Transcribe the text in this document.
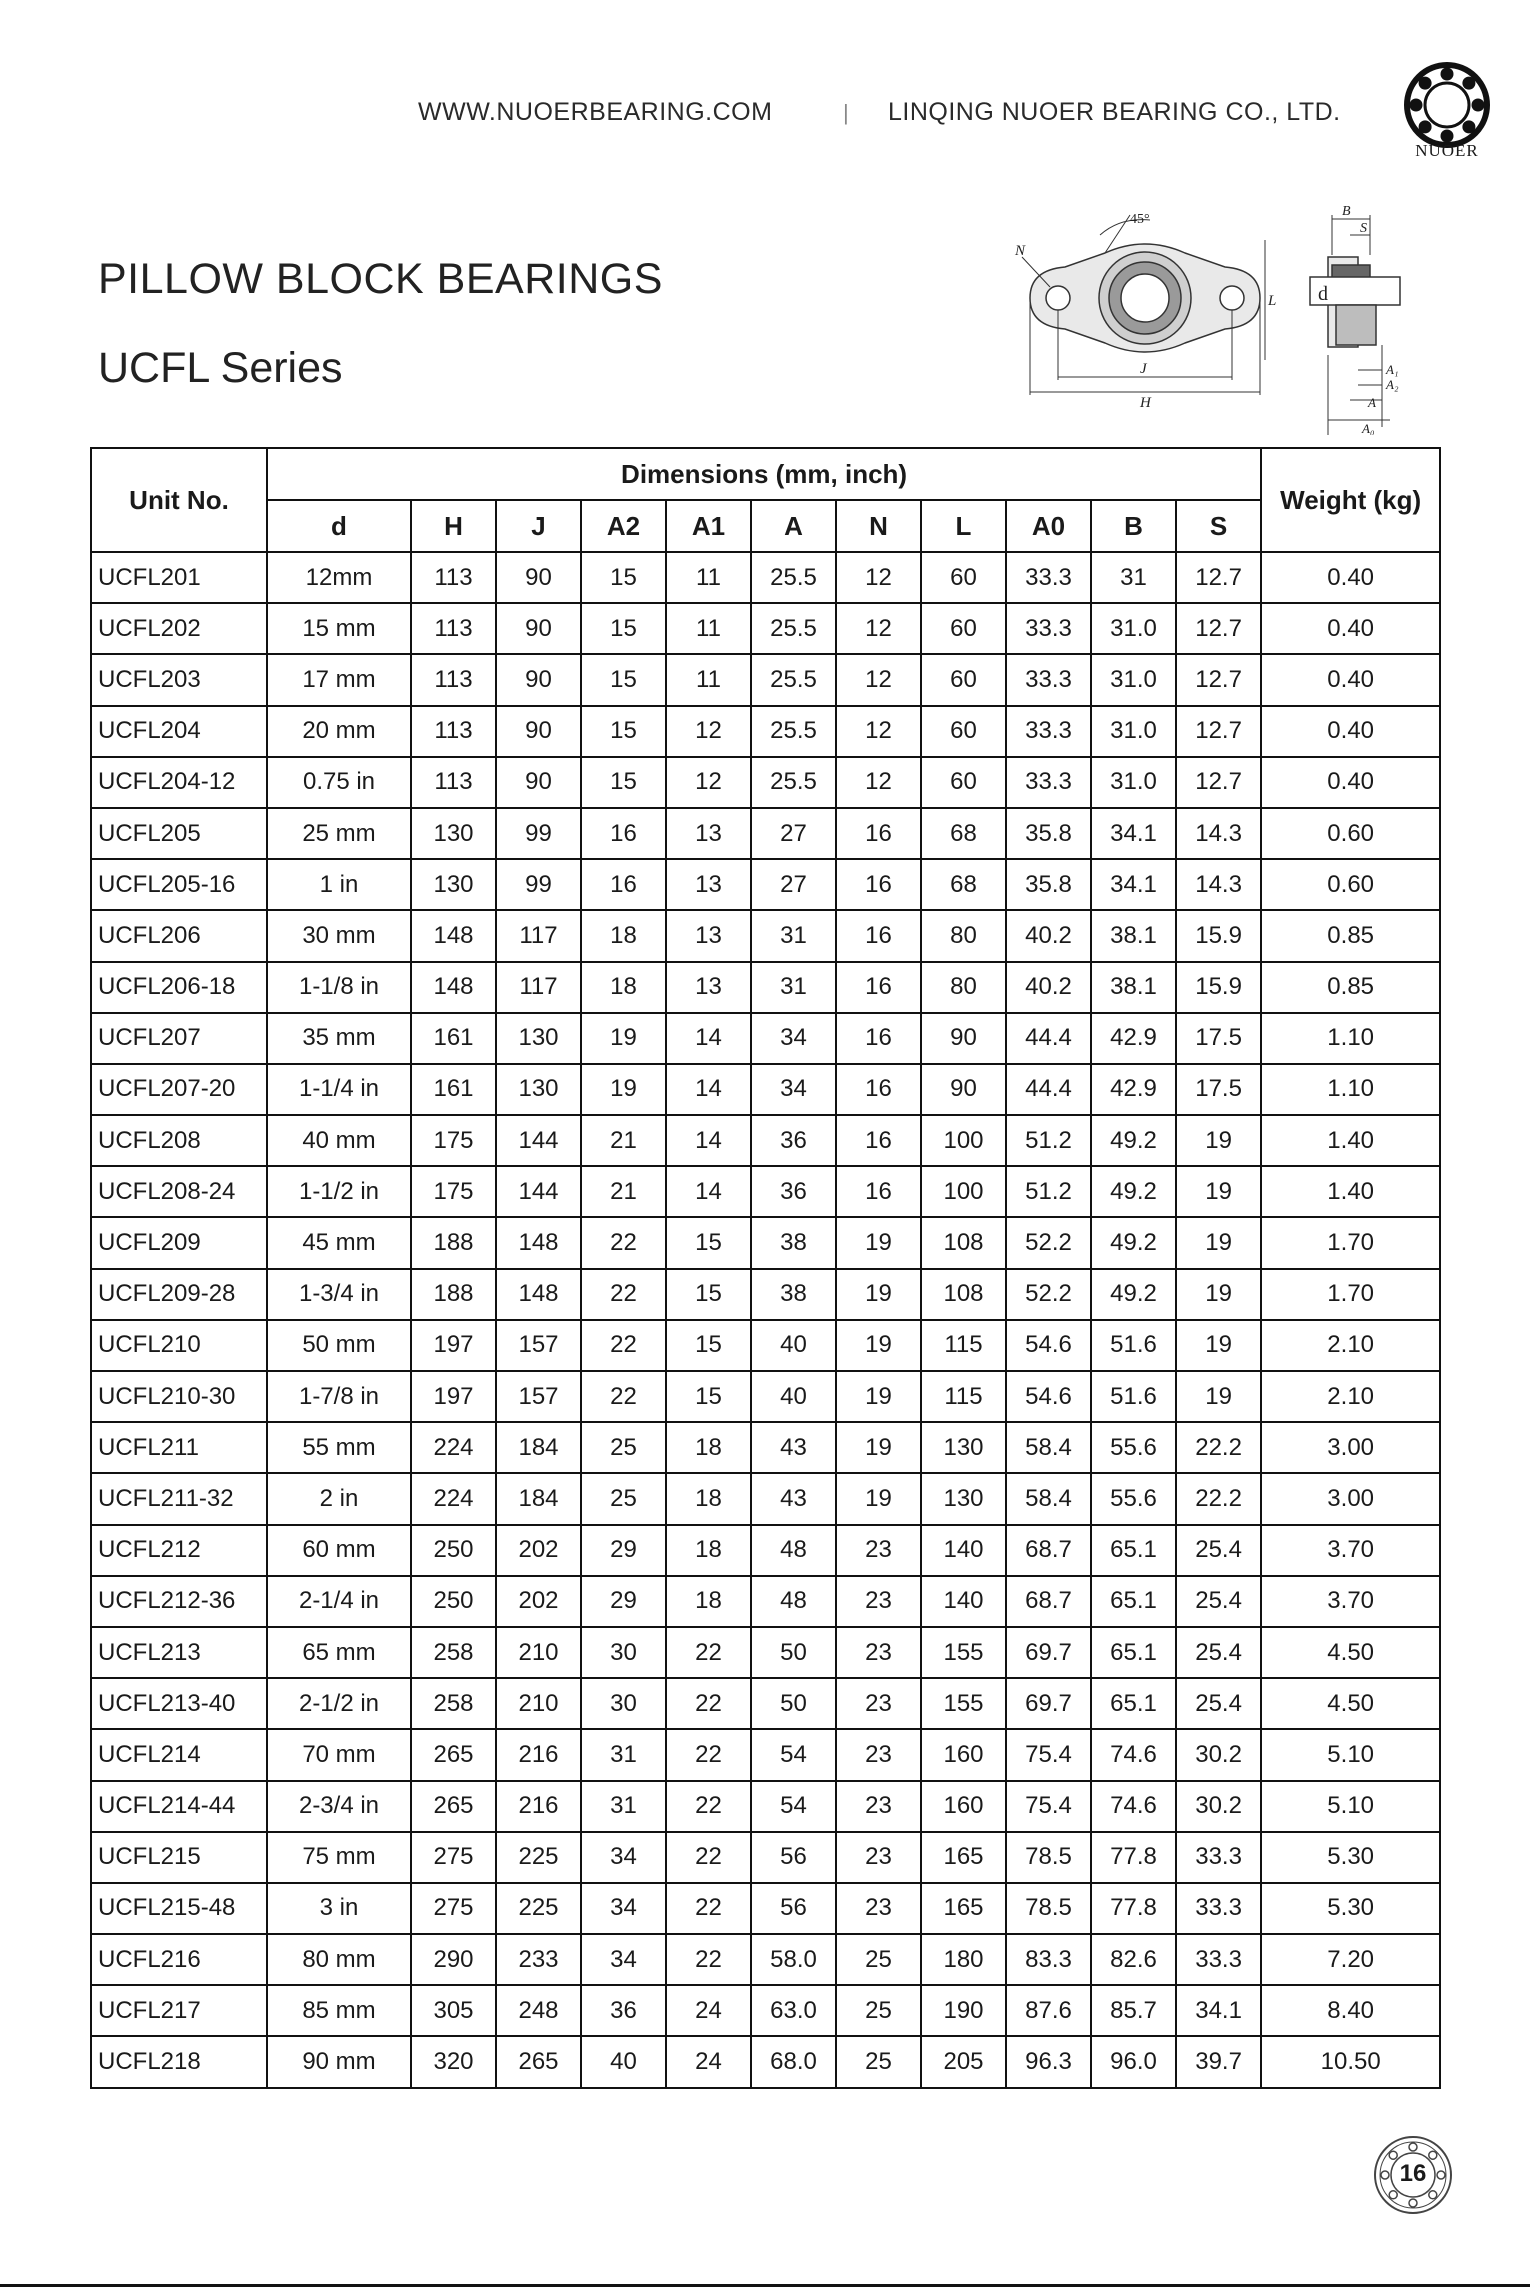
WWW.NUOERBEARING.COM	| LINQING NUOER BEARING CO., LTD.
NUOER
PILLOW BLOCK BEARINGS
UCFL Series
45°
N
L
J
H
B
S
d
A₁
A₂
A
A₀
Unit No.	Dimensions (mm, inch)											Weight (kg)
	d	H	J	A2	A1	A	N	L	A0	B	S	
UCFL201	12mm	113	90	15	11	25.5	12	60	33.3	31	12.7	0.40
UCFL202	15 mm	113	90	15	11	25.5	12	60	33.3	31.0	12.7	0.40
UCFL203	17 mm	113	90	15	11	25.5	12	60	33.3	31.0	12.7	0.40
UCFL204	20 mm	113	90	15	12	25.5	12	60	33.3	31.0	12.7	0.40
UCFL204-12	0.75 in	113	90	15	12	25.5	12	60	33.3	31.0	12.7	0.40
UCFL205	25 mm	130	99	16	13	27	16	68	35.8	34.1	14.3	0.60
UCFL205-16	1 in	130	99	16	13	27	16	68	35.8	34.1	14.3	0.60
UCFL206	30 mm	148	117	18	13	31	16	80	40.2	38.1	15.9	0.85
UCFL206-18	1-1/8 in	148	117	18	13	31	16	80	40.2	38.1	15.9	0.85
UCFL207	35 mm	161	130	19	14	34	16	90	44.4	42.9	17.5	1.10
UCFL207-20	1-1/4 in	161	130	19	14	34	16	90	44.4	42.9	17.5	1.10
UCFL208	40 mm	175	144	21	14	36	16	100	51.2	49.2	19	1.40
UCFL208-24	1-1/2 in	175	144	21	14	36	16	100	51.2	49.2	19	1.40
UCFL209	45 mm	188	148	22	15	38	19	108	52.2	49.2	19	1.70
UCFL209-28	1-3/4 in	188	148	22	15	38	19	108	52.2	49.2	19	1.70
UCFL210	50 mm	197	157	22	15	40	19	115	54.6	51.6	19	2.10
UCFL210-30	1-7/8 in	197	157	22	15	40	19	115	54.6	51.6	19	2.10
UCFL211	55 mm	224	184	25	18	43	19	130	58.4	55.6	22.2	3.00
UCFL211-32	2 in	224	184	25	18	43	19	130	58.4	55.6	22.2	3.00
UCFL212	60 mm	250	202	29	18	48	23	140	68.7	65.1	25.4	3.70
UCFL212-36	2-1/4 in	250	202	29	18	48	23	140	68.7	65.1	25.4	3.70
UCFL213	65 mm	258	210	30	22	50	23	155	69.7	65.1	25.4	4.50
UCFL213-40	2-1/2 in	258	210	30	22	50	23	155	69.7	65.1	25.4	4.50
UCFL214	70 mm	265	216	31	22	54	23	160	75.4	74.6	30.2	5.10
UCFL214-44	2-3/4 in	265	216	31	22	54	23	160	75.4	74.6	30.2	5.10
UCFL215	75 mm	275	225	34	22	56	23	165	78.5	77.8	33.3	5.30
UCFL215-48	3 in	275	225	34	22	56	23	165	78.5	77.8	33.3	5.30
UCFL216	80 mm	290	233	34	22	58.0	25	180	83.3	82.6	33.3	7.20
UCFL217	85 mm	305	248	36	24	63.0	25	190	87.6	85.7	34.1	8.40
UCFL218	90 mm	320	265	40	24	68.0	25	205	96.3	96.0	39.7	10.50
16
